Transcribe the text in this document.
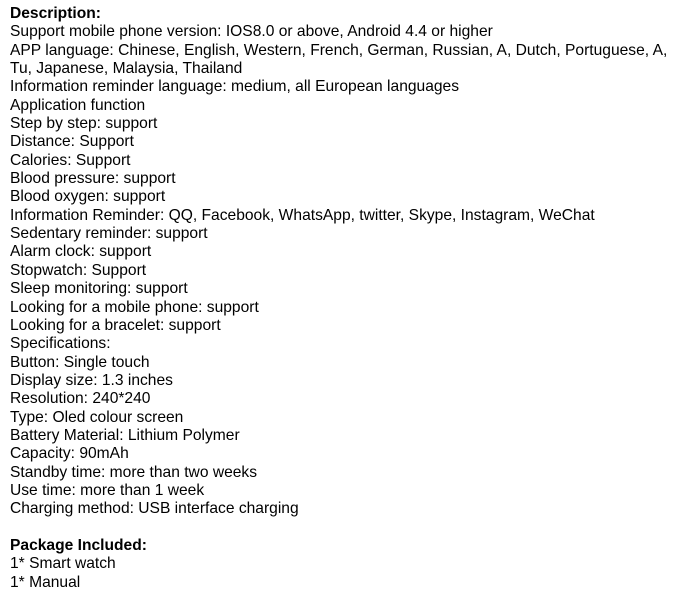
Description:
Support mobile phone version: IOS8.0 or above, Android 4.4 or higher
APP language: Chinese, English, Western, French, German, Russian, A, Dutch, Portuguese, A,
Tu, Japanese, Malaysia, Thailand
Information reminder language: medium, all European languages
Application function
Step by step: support
Distance: Support
Calories: Support
Blood pressure: support
Blood oxygen: support
Information Reminder: QQ, Facebook, WhatsApp, twitter, Skype, Instagram, WeChat
Sedentary reminder: support
Alarm clock: support
Stopwatch: Support
Sleep monitoring: support
Looking for a mobile phone: support
Looking for a bracelet: support
Specifications:
Button: Single touch
Display size: 1.3 inches
Resolution: 240*240
Type: Oled colour screen
Battery Material: Lithium Polymer
Capacity: 90mAh
Standby time: more than two weeks
Use time: more than 1 week
Charging method: USB interface charging
Package Included:
1* Smart watch
1* Manual
